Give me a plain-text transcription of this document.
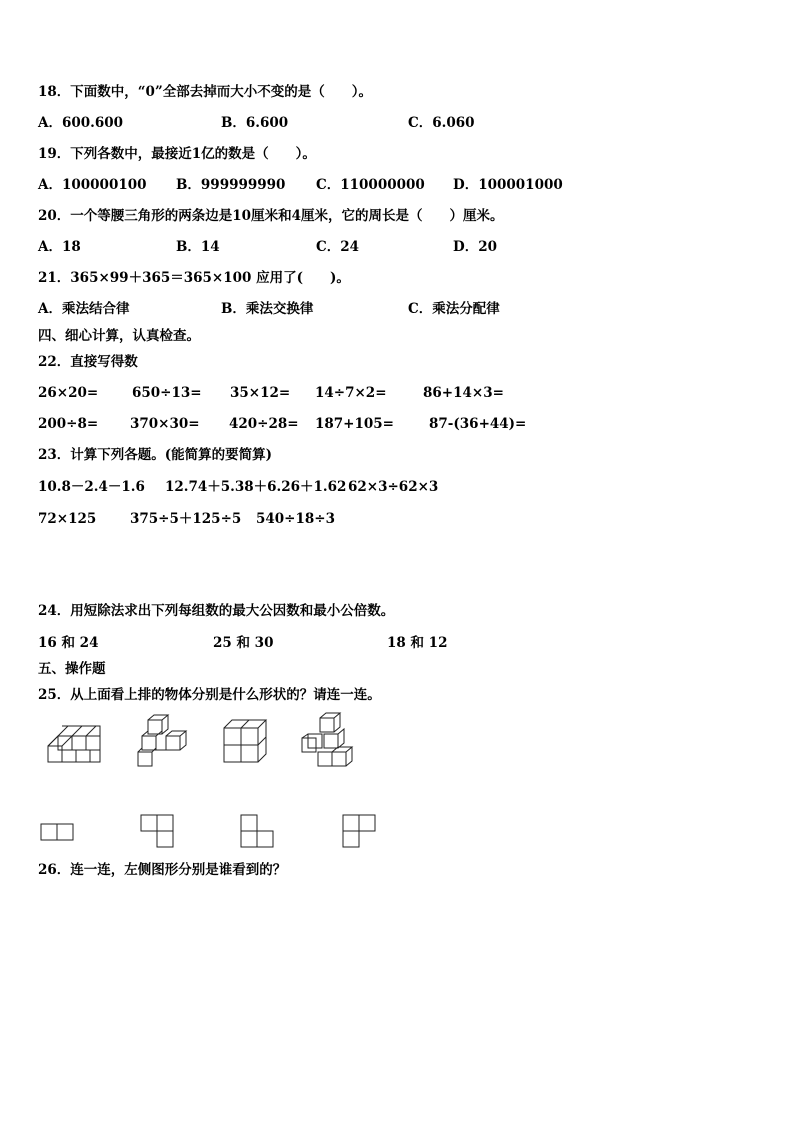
18．下面数中，“0”全部去掉而大小不变的是（　　）。
A．600.600	B．6.600	C．6.060
19．下列各数中，最接近1亿的数是（　　）。
A．100000100 B．999999990 C．110000000 D．100001000
20．一个等腰三角形的两条边是10厘米和4厘米，它的周长是（　　）厘米。
A．18	B．14	C．24	D．20
21．365×99＋365＝365×100 应用了(　　)。
A．乘法结合律	B．乘法交换律	C．乘法分配律
四、细心计算，认真检查。
22．直接写得数
26×20=	650÷13= 35×12= 14÷7×2=	86+14×3=
200÷8= 370×30= 420÷28= 187+105=	87-(36+44)=
23．计算下列各题。(能简算的要简算)
10.8－2.4－1.6 12.74＋5.38＋6.26＋1.62 62×3÷62×3
72×125 375÷5＋125÷5 540÷18÷3
24．用短除法求出下列每组数的最大公因数和最小公倍数。
16 和 24	25 和 30	18 和 12
五、操作题
25．从上面看上排的物体分别是什么形状的？请连一连。
26．连一连，左侧图形分别是谁看到的？
